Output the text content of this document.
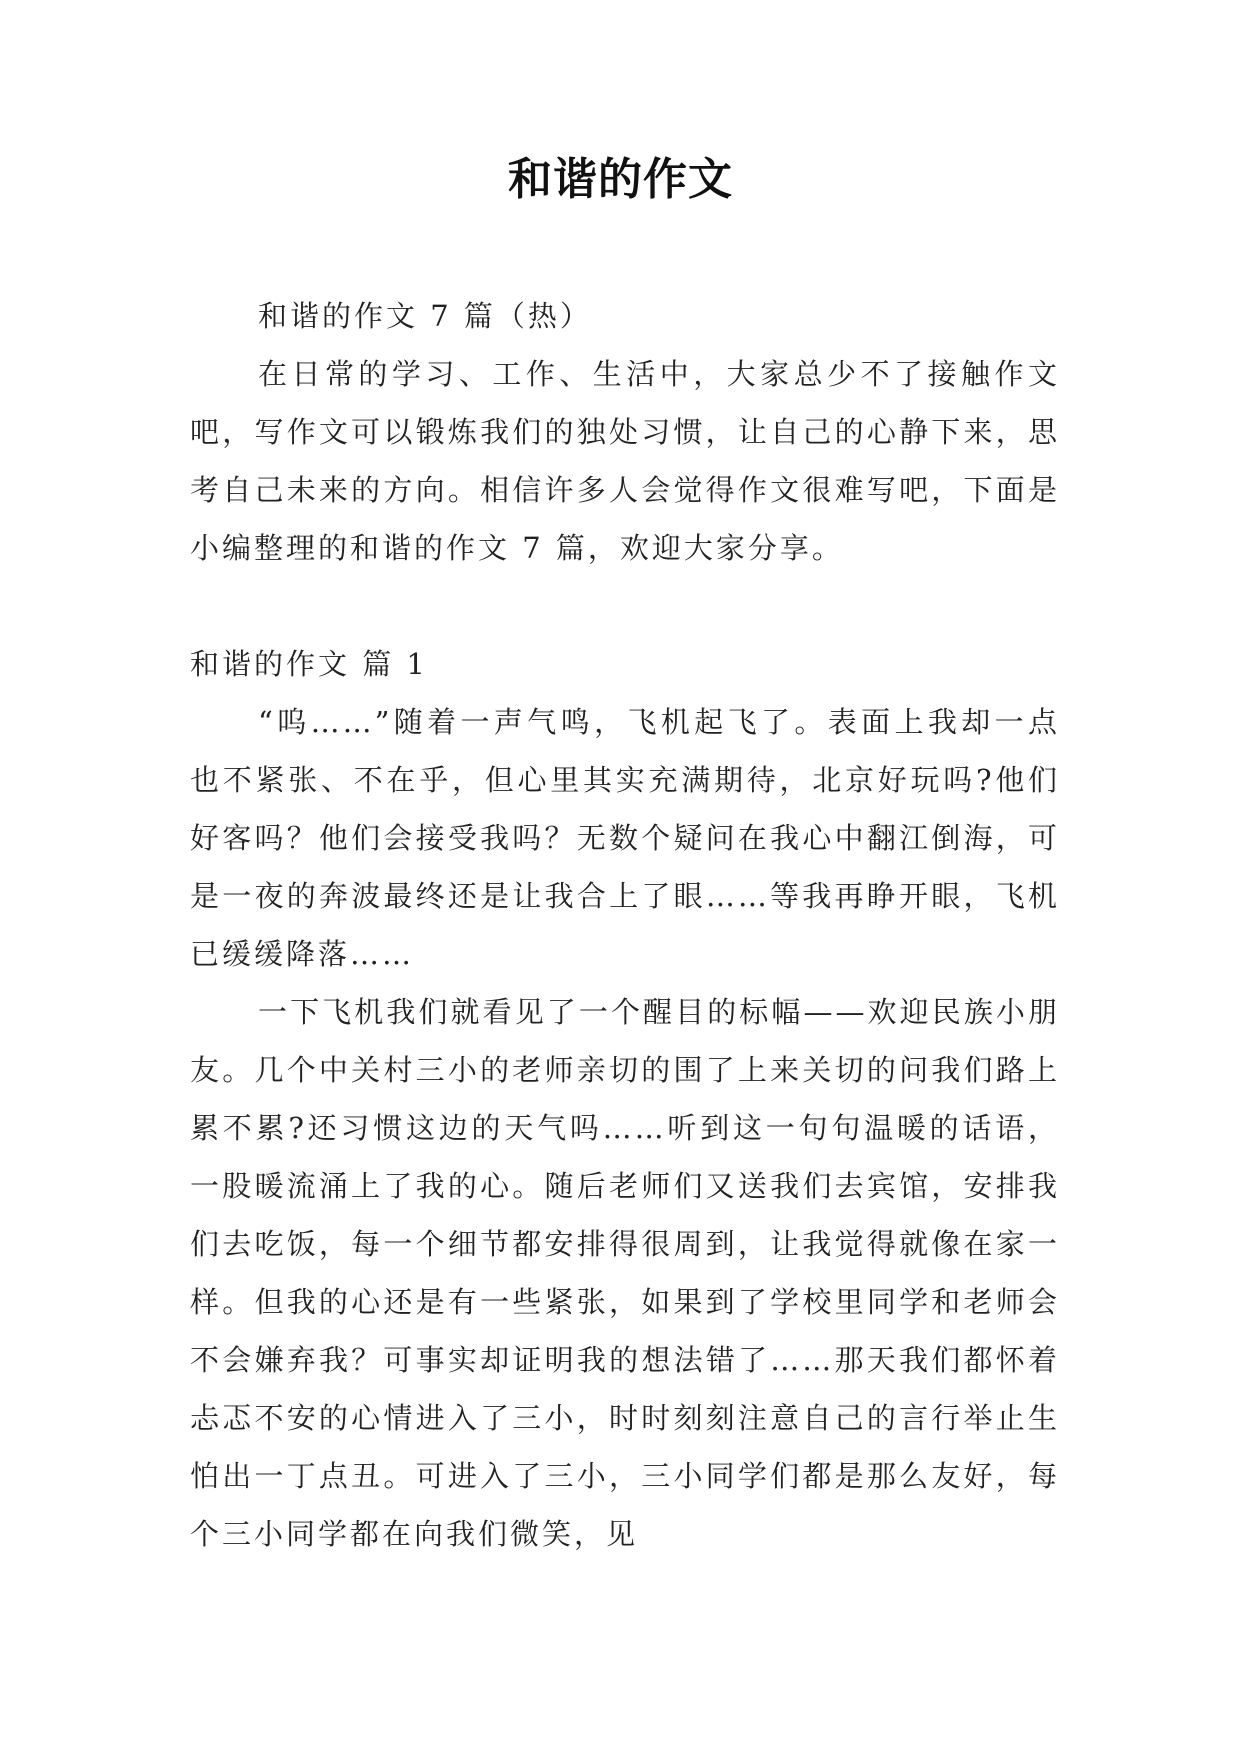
和谐的作文

和谐的作文 7 篇（热）

在日常的学习、工作、生活中，大家总少不了接触作文吧，写作文可以锻炼我们的独处习惯，让自己的心静下来，思考自己未来的方向。相信许多人会觉得作文很难写吧，下面是小编整理的和谐的作文 7 篇，欢迎大家分享。

和谐的作文 篇 1

“呜……”随着一声气鸣，飞机起飞了。表面上我却一点也不紧张、不在乎，但心里其实充满期待，北京好玩吗?他们好客吗？他们会接受我吗？无数个疑问在我心中翻江倒海，可是一夜的奔波最终还是让我合上了眼……等我再睁开眼，飞机已缓缓降落……

一下飞机我们就看见了一个醒目的标幅——欢迎民族小朋友。几个中关村三小的老师亲切的围了上来关切的问我们路上累不累?还习惯这边的天气吗……听到这一句句温暖的话语，一股暖流涌上了我的心。随后老师们又送我们去宾馆，安排我们去吃饭，每一个细节都安排得很周到，让我觉得就像在家一样。但我的心还是有一些紧张，如果到了学校里同学和老师会不会嫌弃我？可事实却证明我的想法错了……那天我们都怀着忐忑不安的心情进入了三小，时时刻刻注意自己的言行举止生怕出一丁点丑。可进入了三小，三小同学们都是那么友好，每个三小同学都在向我们微笑，见
